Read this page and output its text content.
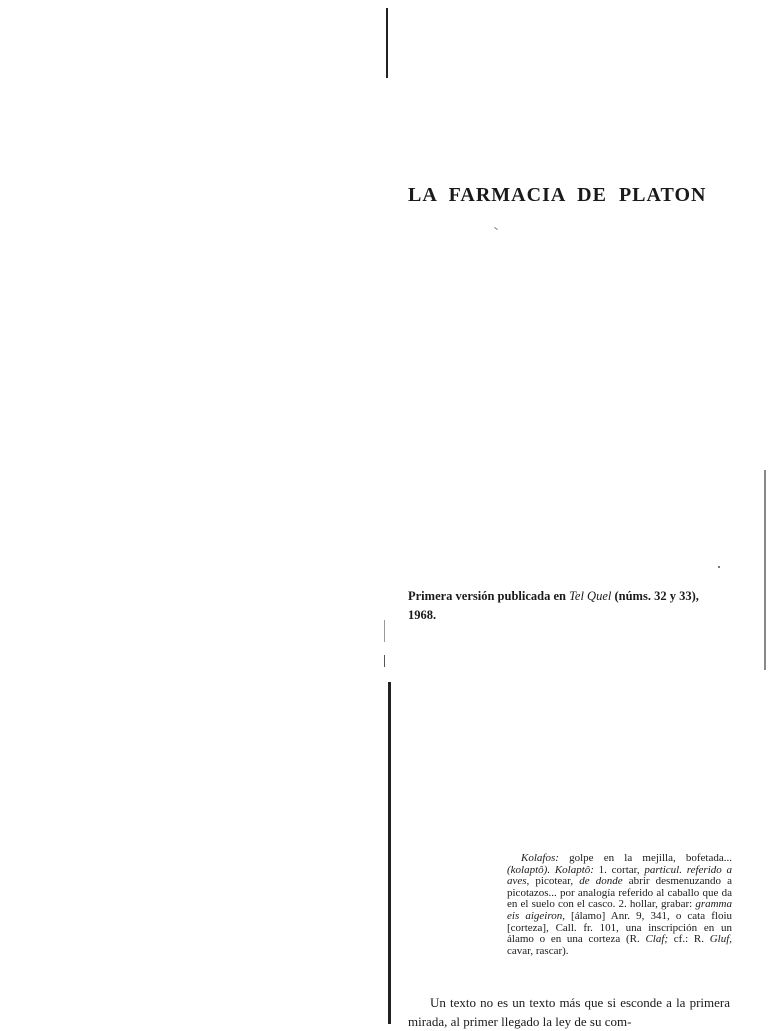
LA FARMACIA DE PLATON
Primera versión publicada en Tel Quel (núms. 32 y 33), 1968.
Kolafos: golpe en la mejilla, bofetada... (kolaptô). Kolaptô: 1. cortar, particul. referido a aves, picotear, de donde abrir desmenuzando a picotazos... por analogía referido al caballo que da en el suelo con el casco. 2. hollar, grabar: gramma eis aigeiron, [álamo] Anr. 9, 341, o cata floiu [corteza], Call. fr. 101, una inscripción en un álamo o en una corteza (R. Claf; cf.: R. Gluf, cavar, rascar).
Un texto no es un texto más que si esconde a la primera mirada, al primer llegado la ley de su com-
